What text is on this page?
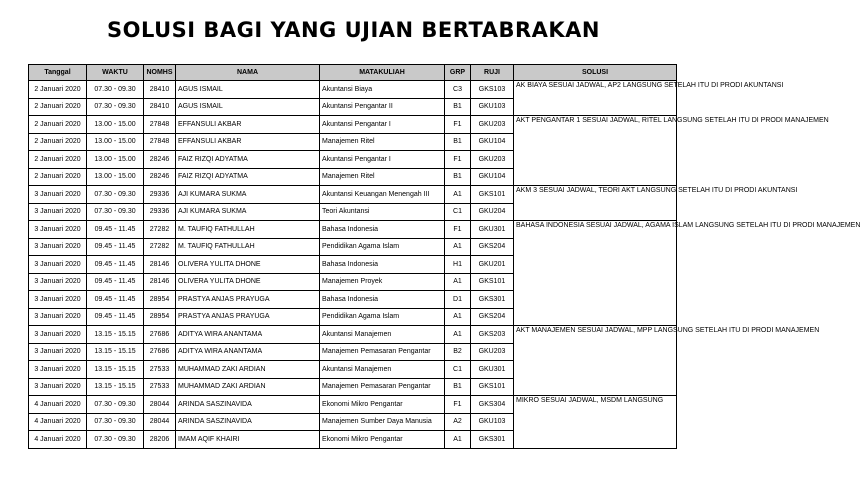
SOLUSI BAGI YANG UJIAN BERTABRAKAN
Tanggal	WAKTU	NOMHS	NAMA	MATAKULIAH	GRP	RUJI	SOLUSI
2 Januari 2020	07.30 - 09.30	28410	AGUS ISMAIL	Akuntansi Biaya	C3	GKS103	AK BIAYA SESUAI JADWAL, AP2 LANGSUNG SETELAH ITU DI PRODI AKUNTANSI
2 Januari 2020	07.30 - 09.30	28410	AGUS ISMAIL	Akuntansi Pengantar II	B1	GKU103	
2 Januari 2020	13.00 - 15.00	27848	EFFANSULI AKBAR	Akuntansi Pengantar I	F1	GKU203	AKT PENGANTAR 1 SESUAI JADWAL, RITEL LANGSUNG SETELAH ITU DI PRODI MANAJEMEN
2 Januari 2020	13.00 - 15.00	27848	EFFANSULI AKBAR	Manajemen Ritel	B1	GKU104	
2 Januari 2020	13.00 - 15.00	28246	FAIZ RIZQI ADYATMA	Akuntansi Pengantar I	F1	GKU203	
2 Januari 2020	13.00 - 15.00	28246	FAIZ RIZQI ADYATMA	Manajemen Ritel	B1	GKU104	
3 Januari 2020	07.30 - 09.30	29336	AJI KUMARA SUKMA	Akuntansi Keuangan Menengah III	A1	GKS101	AKM 3 SESUAI JADWAL, TEORI AKT LANGSUNG SETELAH ITU DI PRODI AKUNTANSI
3 Januari 2020	07.30 - 09.30	29336	AJI KUMARA SUKMA	Teori Akuntansi	C1	GKU204	
3 Januari 2020	09.45 - 11.45	27282	M. TAUFIQ FATHULLAH	Bahasa Indonesia	F1	GKU301	BAHASA INDONESIA SESUAI JADWAL, AGAMA ISLAM LANGSUNG SETELAH ITU DI PRODI MANAJEMEN
3 Januari 2020	09.45 - 11.45	27282	M. TAUFIQ FATHULLAH	Pendidikan Agama Islam	A1	GKS204	
3 Januari 2020	09.45 - 11.45	28146	OLIVERA YULITA DHONE	Bahasa Indonesia	H1	GKU201	
3 Januari 2020	09.45 - 11.45	28146	OLIVERA YULITA DHONE	Manajemen Proyek	A1	GKS101	
3 Januari 2020	09.45 - 11.45	28954	PRASTYA ANJAS PRAYUGA	Bahasa Indonesia	D1	GKS301	
3 Januari 2020	09.45 - 11.45	28954	PRASTYA ANJAS PRAYUGA	Pendidikan Agama Islam	A1	GKS204	
3 Januari 2020	13.15 - 15.15	27686	ADITYA WIRA ANANTAMA	Akuntansi Manajemen	A1	GKS203	AKT MANAJEMEN SESUAI JADWAL, MPP LANGSUNG SETELAH ITU DI PRODI MANAJEMEN
3 Januari 2020	13.15 - 15.15	27686	ADITYA WIRA ANANTAMA	Manajemen Pemasaran Pengantar	B2	GKU203	
3 Januari 2020	13.15 - 15.15	27533	MUHAMMAD ZAKI ARDIAN	Akuntansi Manajemen	C1	GKU301	
3 Januari 2020	13.15 - 15.15	27533	MUHAMMAD ZAKI ARDIAN	Manajemen Pemasaran Pengantar	B1	GKS101	
4 Januari 2020	07.30 - 09.30	28044	ARINDA SASZINAVIDA	Ekonomi Mikro Pengantar	F1	GKS304	MIKRO SESUAI JADWAL, MSDM LANGSUNG
4 Januari 2020	07.30 - 09.30	28044	ARINDA SASZINAVIDA	Manajemen Sumber Daya Manusia	A2	GKU103	
4 Januari 2020	07.30 - 09.30	28206	IMAM AQIF KHAIRI	Ekonomi Mikro Pengantar	A1	GKS301	
